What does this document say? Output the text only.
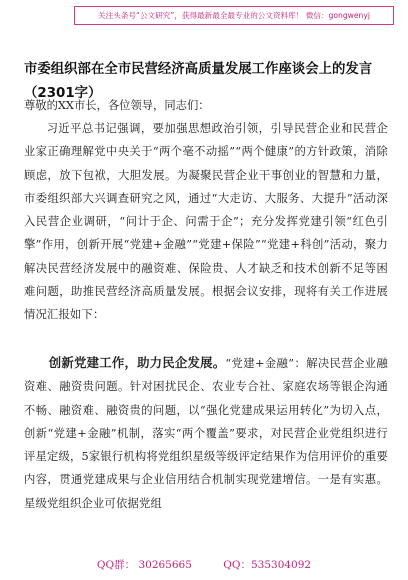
关注头条号“公文研究”，获得最新最全最专业的公文资料库！ 微信：gongwenyj
市委组织部在全市民营经济高质量发展工作座谈会上的发言（2301字）
尊敬的XX市长，各位领导，同志们：
习近平总书记强调，要加强思想政治引领，引导民营企业和民营企业家正确理解党中央关于“两个毫不动摇”“两个健康”的方针政策，消除顾虑，放下包袱，大胆发展。为凝聚民营企业干事创业的智慧和力量，市委组织部大兴调查研究之风，通过“大走访、大服务、大提升”活动深入民营企业调研，“问计于企、问需于企”；充分发挥党建引领“红色引擎”作用，创新开展“党建+金融”“党建+保险”“党建+科创”活动，聚力解决民营经济发展中的融资难、保险贵、人才缺乏和技术创新不足等困难问题，助推民营经济高质量发展。根据会议安排，现将有关工作进展情况汇报如下：
创新党建工作，助力民企发展。“党建+金融”：解决民营企业融资难、融资贵问题。针对困扰民企、农业专合社、家庭农场等银企沟通不畅、融资难、融资贵的问题，以“强化党建成果运用转化”为切入点，创新“党建+金融”机制，落实“两个覆盖”要求，对民营企业党组织进行评星定级，5家银行机构将党组织星级等级评定结果作为信用评价的重要内容，贯通党建成果与企业信用结合机制实现党建增信。一是有实惠。星级党组织企业可依据党组
QQ群： 30265665	QQ：535304092
